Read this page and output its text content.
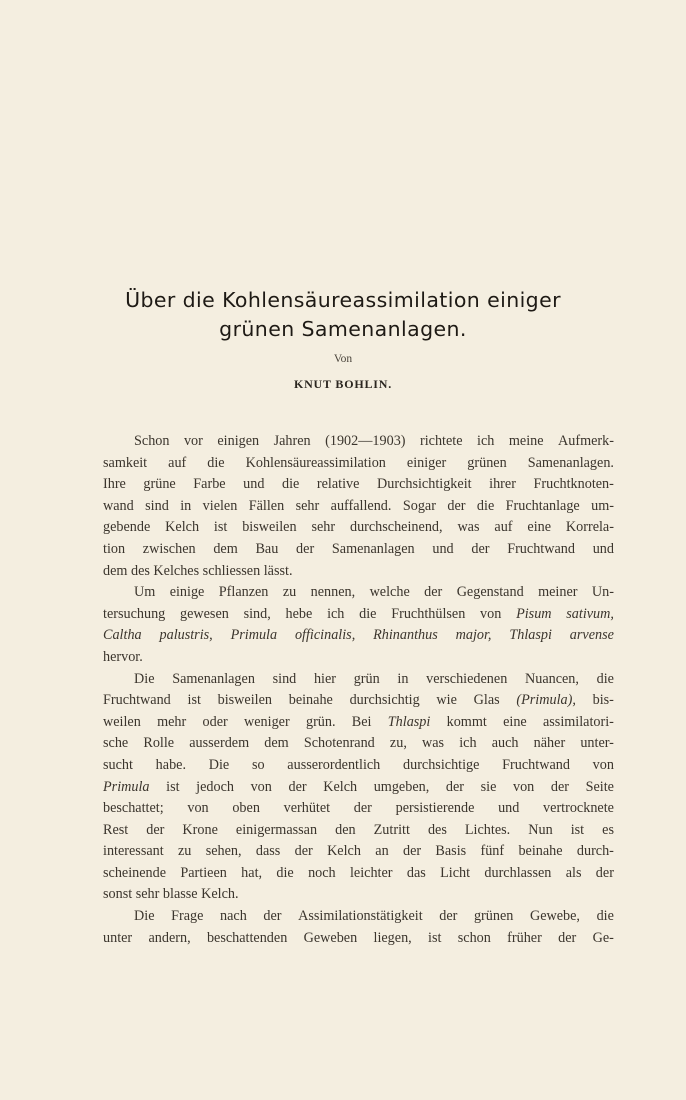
Über die Kohlensäureassimilation einiger
grünen Samenanlagen.
Von
KNUT BOHLIN.
Schon vor einigen Jahren (1902—1903) richtete ich meine Aufmerk-
samkeit auf die Kohlensäureassimilation einiger grünen Samenanlagen.
Ihre grüne Farbe und die relative Durchsichtigkeit ihrer Fruchtknoten-
wand sind in vielen Fällen sehr auffallend. Sogar der die Fruchtanlage um-
gebende Kelch ist bisweilen sehr durchscheinend, was auf eine Korrela-
tion zwischen dem Bau der Samenanlagen und der Fruchtwand und
dem des Kelches schliessen lässt.
Um einige Pflanzen zu nennen, welche der Gegenstand meiner Un-
tersuchung gewesen sind, hebe ich die Fruchthülsen von Pisum sativum,
Caltha palustris, Primula officinalis, Rhinanthus major, Thlaspi arvense
hervor.
Die Samenanlagen sind hier grün in verschiedenen Nuancen, die
Fruchtwand ist bisweilen beinahe durchsichtig wie Glas (Primula), bis-
weilen mehr oder weniger grün. Bei Thlaspi kommt eine assimilatori-
sche Rolle ausserdem dem Schotenrand zu, was ich auch näher unter-
sucht habe. Die so ausserordentlich durchsichtige Fruchtwand von
Primula ist jedoch von der Kelch umgeben, der sie von der Seite
beschattet; von oben verhütet der persistierende und vertrocknete
Rest der Krone einigermassan den Zutritt des Lichtes. Nun ist es
interessant zu sehen, dass der Kelch an der Basis fünf beinahe durch-
scheinende Partieen hat, die noch leichter das Licht durchlassen als der
sonst sehr blasse Kelch.
Die Frage nach der Assimilationstätigkeit der grünen Gewebe, die
unter andern, beschattenden Geweben liegen, ist schon früher der Ge-
